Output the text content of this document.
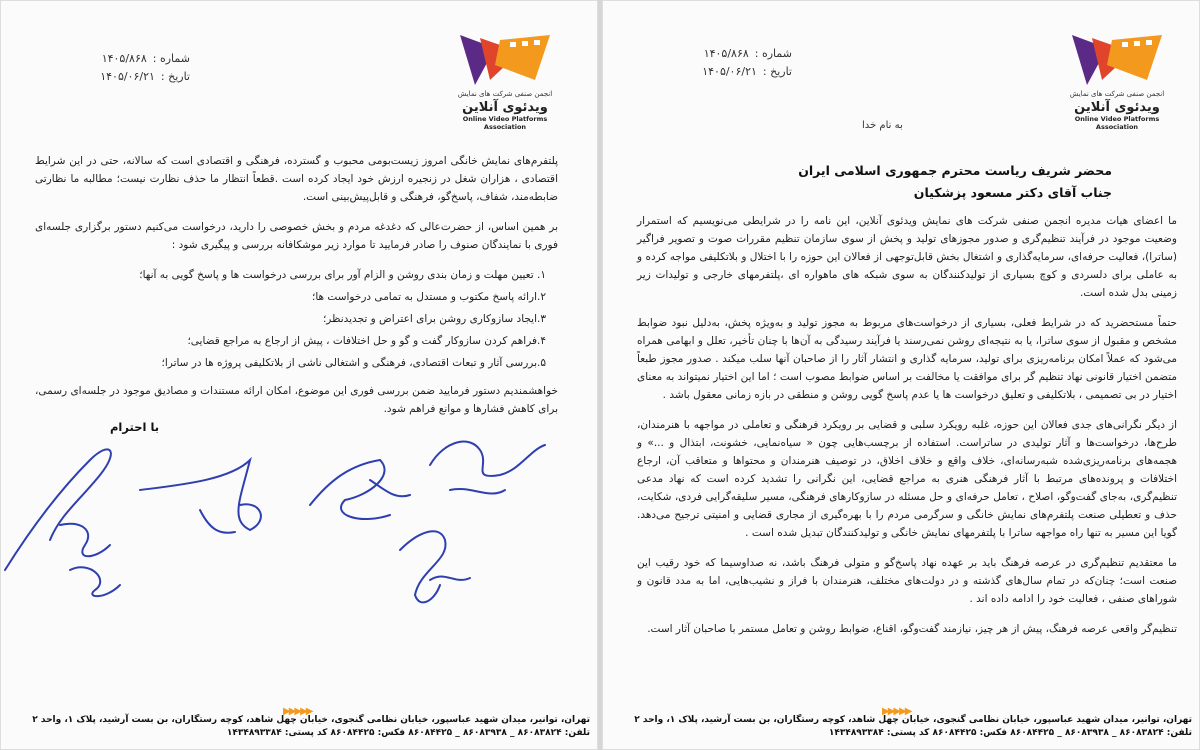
انجمن صنفی شرکت های نمایش
ویدئوی آنلاین
Online Video Platforms Association
شماره :۱۴۰۵/۸۶۸
تاریخ :۱۴۰۵/۰۶/۲۱

پلتفرم‌های نمایش خانگی امروز زیست‌بومی محبوب و گسترده، فرهنگی و اقتصادی است که سالانه، حتی در این شرایط اقتصادی ، هزاران شغل در زنجیره ارزش خود ایجاد کرده است .قطعاً انتظار ما حذف نظارت نیست؛ مطالبه ما نظارتی ضابطه‌مند، شفاف، پاسخ‌گو، فرهنگی و قابل‌پیش‌بینی است.

بر همین اساس، از حضرت‌عالی که دغدغه مردم و بخش خصوصی را دارید، درخواست می‌کنیم دستور برگزاری جلسه‌ای فوری با نمایندگان صنوف را صادر فرمایید تا موارد زیر موشکافانه بررسی و پیگیری شود :

۱. تعیین مهلت و زمان بندی روشن و الزام آور برای بررسی درخواست ها و پاسخ گویی به آنها؛
۲.ارائه پاسخ مکتوب و مستدل به تمامی درخواست ها؛
۳.ایجاد سازوکاری روشن برای اعتراض و تجدیدنظر؛
۴.فراهم کردن سازوکار گفت و گو و حل اختلافات ، پیش از ارجاع به مراجع قضایی؛
۵.بررسی آثار و تبعات اقتصادی، فرهنگی و اشتغالی ناشی از بلاتکلیفی پروژه ها در ساترا؛

خواهشمندیم دستور فرمایید ضمن بررسی فوری این موضوع، امکان ارائه مستندات و مصادیق موجود در جلسه‌ای رسمی، برای کاهش فشارها و موانع فراهم شود.

با احترام
▶▶▶▶▶
تهران، توانیر، میدان شهید عباسپور، خیابان نظامی گنجوی، خیابان چهل شاهد، کوچه رستگاران، بن بست آرشید، پلاک ۱، واحد ۲
تلفن: ۸۶۰۸۳۸۲۴ _ ۸۶۰۸۳۹۳۸ _ ۸۶۰۸۴۴۲۵ فکس: ۸۶۰۸۴۴۲۵ کد پستی: ۱۴۳۴۸۹۳۳۸۴
انجمن صنفی شرکت های نمایش
ویدئوی آنلاین
Online Video Platforms Association
شماره :۱۴۰۵/۸۶۸
تاریخ :۱۴۰۵/۰۶/۲۱
به نام خدا
محضر شریف ریاست محترم جمهوری اسلامی ایران
جناب آقای دکتر مسعود پزشکیان

ما اعضای هیات مدیره انجمن صنفی شرکت های نمایش ویدئوی آنلاین، این نامه را در شرایطی می‌نویسیم که استمرار وضعیت موجود در فرآیند تنظیم‌گری و صدور مجوزهای تولید و پخش از سوی سازمان تنظیم مقررات صوت و تصویر فراگیر (ساترا)، فعالیت حرفه‌ای، سرمایه‌گذاری و اشتغال بخش قابل‌توجهی از فعالان این حوزه را با اختلال و بلاتکلیفی مواجه کرده و به عاملی برای دلسردی و کوچ بسیاری از تولیدکنندگان به سوی شبکه های ماهواره ای ،پلتفرمهای خارجی و تولیدات زیر زمینی بدل شده است.

حتماً مستحضرید که در شرایط فعلی، بسیاری از درخواست‌های مربوط به مجوز تولید و به‌ویژه پخش، به‌دلیل نبود ضوابط مشخص و مقبول از سوی ساترا، یا به نتیجه‌ای روشن نمی‌رسند یا فرآیند رسیدگی به آن‌ها با چنان تأخیر، تعلل و ابهامی همراه می‌شود که عملاً امکان برنامه‌ریزی برای تولید، سرمایه گذاری و انتشار آثار را از صاحبان آنها سلب میکند . صدور مجوز طبعاً متضمن اختیار قانونی نهاد تنظیم گر برای موافقت یا مخالفت بر اساس ضوابط مصوب است ؛ اما این اختیار نمیتواند به معنای اختیار در بی تصمیمی ، بلاتکلیفی و تعلیق درخواست ها یا عدم پاسخ گویی روشن و منطقی در بازه زمانی معقول باشد .

از دیگر نگرانی‌های جدی فعالان این حوزه، غلبه رویکرد سلبی و قضایی بر رویکرد فرهنگی و تعاملی در مواجهه با هنرمندان، طرح‌ها، درخواست‌ها و آثار تولیدی در ساتراست. استفاده از برچسب‌هایی چون « سیاه‌نمایی، خشونت، ابتذال و ...» و هجمه‌های برنامه‌ریزی‌شده شبه‌رسانه‌ای، خلاف واقع و خلاف اخلاق، در توصیف هنرمندان و محتواها و متعاقب آن، ارجاع اختلافات و پرونده‌های مرتبط با آثار فرهنگی هنری به مراجع قضایی، این نگرانی را تشدید کرده است که نهاد مدعی تنظیم‌گری، به‌جای گفت‌وگو، اصلاح ، تعامل حرفه‌ای و حل مسئله در سازوکارهای فرهنگی، مسیر سلیقه‌گرایی فردی، شکایت، حذف و تعطیلی صنعت پلتفرم‌های نمایش خانگی و سرگرمی مردم را با بهره‌گیری از مجاری قضایی و امنیتی ترجیح می‌دهد. گویا این مسیر به تنها راه مواجهه ساترا با پلتفرمهای نمایش خانگی و تولیدکنندگان تبدیل شده است .

ما معتقدیم تنظیم‌گری در عرصه فرهنگ باید بر عهده نهاد پاسخ‌گو و متولی فرهنگ باشد، نه صداوسیما که خود رقیب این صنعت است؛ چنان‌که در تمام سال‌های گذشته و در دولت‌های مختلف، هنرمندان با فراز و نشیب‌هایی، اما به مدد قانون و شوراهای صنفی ، فعالیت خود را ادامه داده اند .

تنظیم‌گر واقعی عرصه فرهنگ، پیش از هر چیز، نیازمند گفت‌وگو، اقناع، ضوابط روشن و تعامل مستمر با صاحبان آثار است.

▶▶▶▶▶
تهران، توانیر، میدان شهید عباسپور، خیابان نظامی گنجوی، خیابان چهل شاهد، کوچه رستگاران، بن بست آرشید، پلاک ۱، واحد ۲
تلفن: ۸۶۰۸۳۸۲۴ _ ۸۶۰۸۳۹۳۸ _ ۸۶۰۸۴۴۲۵ فکس: ۸۶۰۸۴۴۲۵ کد پستی: ۱۴۳۴۸۹۳۳۸۴
